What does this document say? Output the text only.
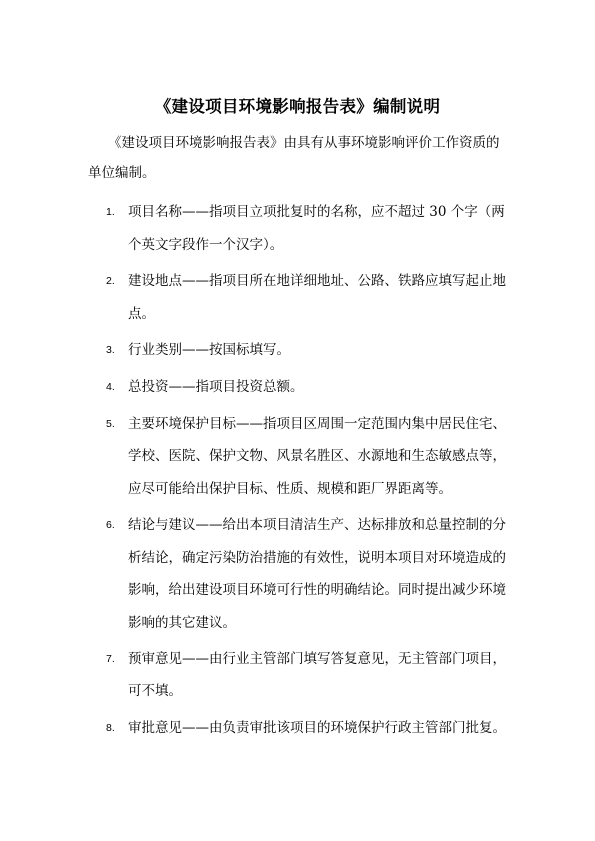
《建设项目环境影响报告表》编制说明
《建设项目环境影响报告表》由具有从事环境影响评价工作资质的
单位编制。
1. 项目名称——指项目立项批复时的名称，应不超过 30 个字（两
个英文字段作一个汉字）。
2. 建设地点——指项目所在地详细地址、公路、铁路应填写起止地
点。
3. 行业类别——按国标填写。
4. 总投资——指项目投资总额。
5. 主要环境保护目标——指项目区周围一定范围内集中居民住宅、
学校、医院、保护文物、风景名胜区、水源地和生态敏感点等，
应尽可能给出保护目标、性质、规模和距厂界距离等。
6. 结论与建议——给出本项目清洁生产、达标排放和总量控制的分
析结论，确定污染防治措施的有效性，说明本项目对环境造成的
影响，给出建设项目环境可行性的明确结论。同时提出减少环境
影响的其它建议。
7. 预审意见——由行业主管部门填写答复意见，无主管部门项目，
可不填。
8. 审批意见——由负责审批该项目的环境保护行政主管部门批复。
